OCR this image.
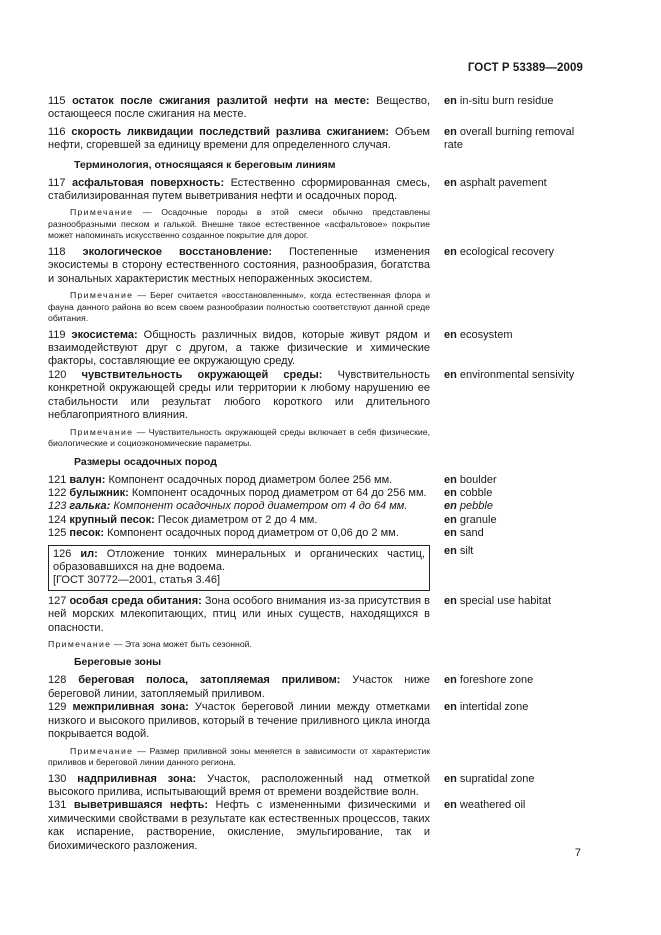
ГОСТ Р 53389—2009
115 остаток после сжигания разлитой нефти на месте: Вещество, остающееся после сжигания на месте.
en in-situ burn residue
116 скорость ликвидации последствий разлива сжиганием: Объем нефти, сгоревшей за единицу времени для определенного случая.
en overall burning removal rate
Терминология, относящаяся к береговым линиям
117 асфальтовая поверхность: Естественно сформированная смесь, стабилизированная путем выветривания нефти и осадочных пород.
en asphalt pavement
Примечание — Осадочные породы в этой смеси обычно представлены разнообразными песком и галькой. Внешне такое естественное «асфальтовое» покрытие может напоминать искусственно созданное покрытие для дорог.
118 экологическое восстановление: Постепенные изменения экосистемы в сторону естественного состояния, разнообразия, богатства и зональных характеристик местных непораженных экосистем.
en ecological recovery
Примечание — Берег считается «восстановленным», когда естественная флора и фауна данного района во всем своем разнообразии полностью соответствуют данной среде обитания.
119 экосистема: Общность различных видов, которые живут рядом и взаимодействуют друг с другом, а также физические и химические факторы, составляющие ее окружающую среду.
en ecosystem
120 чувствительность окружающей среды: Чувствительность конкретной окружающей среды или территории к любому нарушению ее стабильности или результат любого короткого или длительного неблагоприятного влияния.
en environmental sensivity
Примечание — Чувствительность окружающей среды включает в себя физические, биологические и социоэкономические параметры.
Размеры осадочных пород
121 валун: Компонент осадочных пород диаметром более 256 мм.	en boulder
122 булыжник: Компонент осадочных пород диаметром от 64 до 256 мм.	en cobble
123 галька: Компонент осадочных пород диаметром от 4 до 64 мм.	en pebble
124 крупный песок: Песок диаметром от 2 до 4 мм.	en granule
125 песок: Компонент осадочных пород диаметром от 0,06 до 2 мм.	en sand
126 ил: Отложение тонких минеральных и органических частиц, образовавшихся на дне водоема.
[ГОСТ 30772—2001, статья 3.46]
en silt
127 особая среда обитания: Зона особого внимания из-за присутствия в ней морских млекопитающих, птиц или иных существ, находящихся в опасности.
en special use habitat
Примечание — Эта зона может быть сезонной.
Береговые зоны
128 береговая полоса, затопляемая приливом: Участок ниже береговой линии, затопляемый приливом.
en foreshore zone
129 межприливная зона: Участок береговой линии между отметками низкого и высокого приливов, который в течение приливного цикла иногда покрывается водой.
en intertidal zone
Примечание — Размер приливной зоны меняется в зависимости от характеристик приливов и береговой линии данного региона.
130 надприливная зона: Участок, расположенный над отметкой высокого прилива, испытывающий время от времени воздействие волн.
en supratidal zone
131 выветрившаяся нефть: Нефть с измененными физическими и химическими свойствами в результате как естественных процессов, таких как испарение, растворение, окисление, эмульгирование, так и биохимического разложения.
en weathered oil
7
